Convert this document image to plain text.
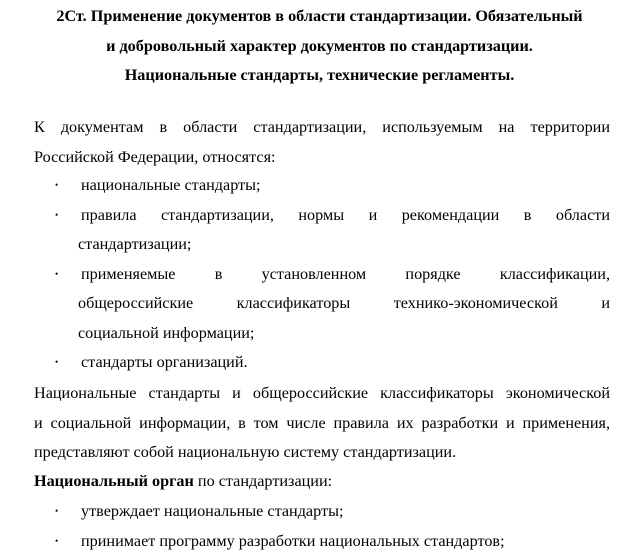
2Ст. Применение документов в области стандартизации. Обязательный
и добровольный характер документов по стандартизации.
Национальные стандарты, технические регламенты.
К документам в области стандартизации, используемым на территории
Российской Федерации, относятся:
• национальные стандарты;
• правила стандартизации, нормы и рекомендации в области
стандартизации;
• применяемые в установленном порядке классификации,
общероссийские классификаторы технико-экономической и
социальной информации;
• стандарты организаций.
Национальные стандарты и общероссийские классификаторы экономической
и социальной информации, в том числе правила их разработки и применения,
представляют собой национальную систему стандартизации.
Национальный орган по стандартизации:
• утверждает национальные стандарты;
• принимает программу разработки национальных стандартов;
